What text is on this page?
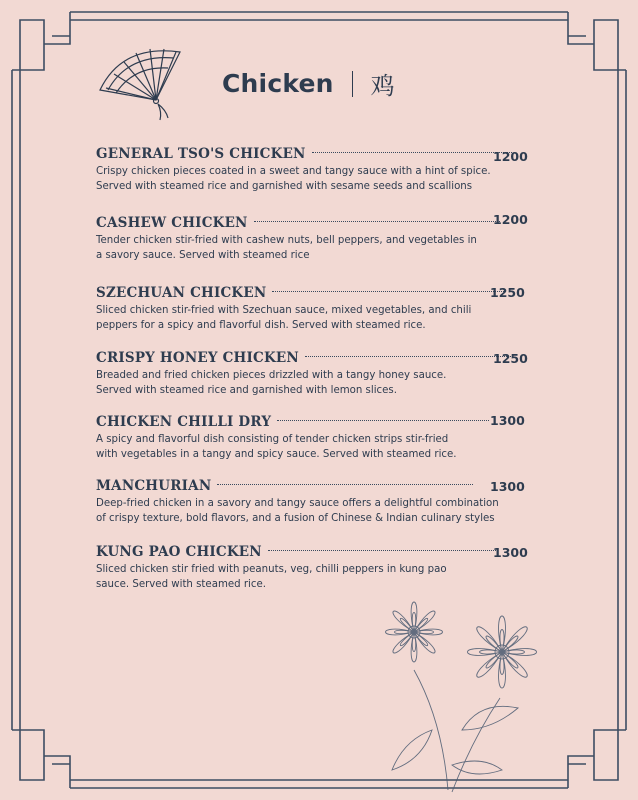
Chicken 鸡
GENERAL TSO'S CHICKEN
Crispy chicken pieces coated in a sweet and tangy sauce with a hint of spice.
Served with steamed rice and garnished with sesame seeds and scallions
1200
CASHEW CHICKEN
Tender chicken stir-fried with cashew nuts, bell peppers, and vegetables in
a savory sauce. Served with steamed rice
1200
SZECHUAN CHICKEN
Sliced chicken stir-fried with Szechuan sauce, mixed vegetables, and chili
peppers for a spicy and flavorful dish. Served with steamed rice.
1250
CRISPY HONEY CHICKEN
Breaded and fried chicken pieces drizzled with a tangy honey sauce.
Served with steamed rice and garnished with lemon slices.
1250
CHICKEN CHILLI DRY
A spicy and flavorful dish consisting of tender chicken strips stir-fried
with vegetables in a tangy and spicy sauce. Served with steamed rice.
1300
MANCHURIAN
Deep-fried chicken in a savory and tangy sauce offers a delightful combination
of crispy texture, bold flavors, and a fusion of Chinese & Indian culinary styles
1300
KUNG PAO CHICKEN
Sliced chicken stir fried with peanuts, veg, chilli peppers in kung pao
sauce. Served with steamed rice.
1300
